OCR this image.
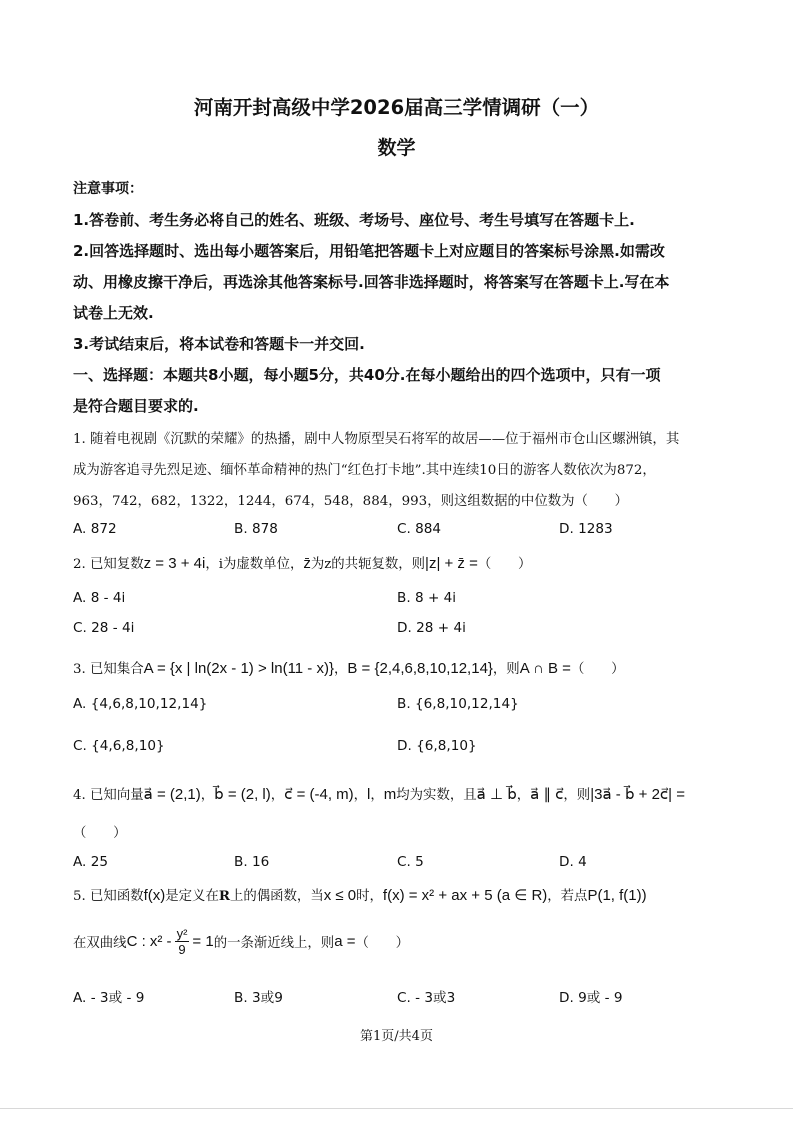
河南开封高级中学2026届高三学情调研（一）
数学
注意事项：
1.答卷前、考生务必将自己的姓名、班级、考场号、座位号、考生号填写在答题卡上.
2.回答选择题时、选出每小题答案后，用铅笔把答题卡上对应题目的答案标号涂黑.如需改
动、用橡皮擦干净后，再选涂其他答案标号.回答非选择题时，将答案写在答题卡上.写在本
试卷上无效.
3.考试结束后，将本试卷和答题卡一并交回.
一、选择题：本题共8小题，每小题5分，共40分.在每小题给出的四个选项中，只有一项
是符合题目要求的.
1. 随着电视剧《沉默的荣耀》的热播，剧中人物原型吴石将军的故居——位于福州市仓山区螺洲镇，其
成为游客追寻先烈足迹、缅怀革命精神的热门“红色打卡地”.其中连续10日的游客人数依次为872，
963，742，682，1322，1244，674，548，884，993，则这组数据的中位数为（　　）
A. 872	B. 878	C. 884	D. 1283
2. 已知复数z = 3 + 4i，i为虚数单位，z̄为z的共轭复数，则|z| + z̄ =（　　）
A. 8 - 4i	B. 8 + 4i
C. 28 - 4i	D. 28 + 4i
3. 已知集合A = {x | ln(2x - 1) > ln(11 - x)}，B = {2,4,6,8,10,12,14}，则A ∩ B =（　　）
A. {4,6,8,10,12,14}	B. {6,8,10,12,14}
C. {4,6,8,10}	D. {6,8,10}
4. 已知向量a⃗ = (2,1)，b⃗ = (2, l)，c⃗ = (-4, m)，l，m均为实数，且a⃗ ⊥ b⃗，a⃗ ∥ c⃗，则|3a⃗ - b⃗ + 2c⃗| =
（　　）
A. 25	B. 16	C. 5	D. 4
5. 已知函数f(x)是定义在R上的偶函数，当x ≤ 0时，f(x) = x² + ax + 5 (a ∈ R)，若点P(1, f(1))
在双曲线 C : $x^2 - \frac{\text{y²}}{9} = 1$ 的一条渐近线上，则 a = （　　）
A. - 3或 - 9	B. 3或9	C. - 3或3	D. 9或 - 9
第1页/共4页
